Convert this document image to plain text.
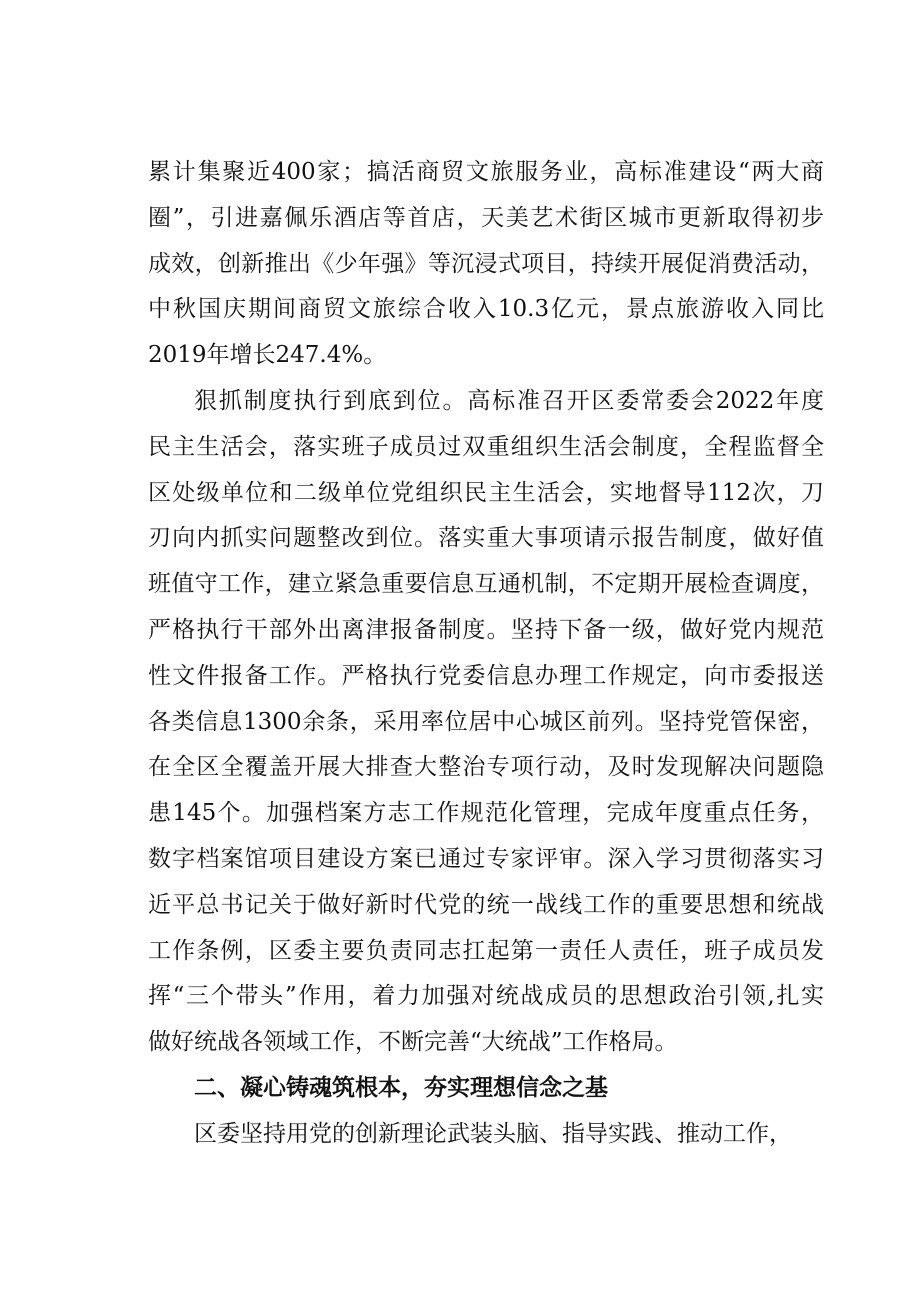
累计集聚近400家；搞活商贸文旅服务业，高标准建设“两大商
圈”，引进嘉佩乐酒店等首店，天美艺术街区城市更新取得初步
成效，创新推出《少年强》等沉浸式项目，持续开展促消费活动，
中秋国庆期间商贸文旅综合收入10.3亿元，景点旅游收入同比
2019年增长247.4%。
狠抓制度执行到底到位。高标准召开区委常委会2022年度
民主生活会，落实班子成员过双重组织生活会制度，全程监督全
区处级单位和二级单位党组织民主生活会，实地督导112次，刀
刃向内抓实问题整改到位。落实重大事项请示报告制度，做好值
班值守工作，建立紧急重要信息互通机制，不定期开展检查调度，
严格执行干部外出离津报备制度。坚持下备一级，做好党内规范
性文件报备工作。严格执行党委信息办理工作规定，向市委报送
各类信息1300余条，采用率位居中心城区前列。坚持党管保密，
在全区全覆盖开展大排查大整治专项行动，及时发现解决问题隐
患145个。加强档案方志工作规范化管理，完成年度重点任务，
数字档案馆项目建设方案已通过专家评审。深入学习贯彻落实习
近平总书记关于做好新时代党的统一战线工作的重要思想和统战
工作条例，区委主要负责同志扛起第一责任人责任，班子成员发
挥“三个带头”作用，着力加强对统战成员的思想政治引领,扎实
做好统战各领域工作，不断完善“大统战”工作格局。
二、凝心铸魂筑根本，夯实理想信念之基
区委坚持用党的创新理论武装头脑、指导实践、推动工作，
